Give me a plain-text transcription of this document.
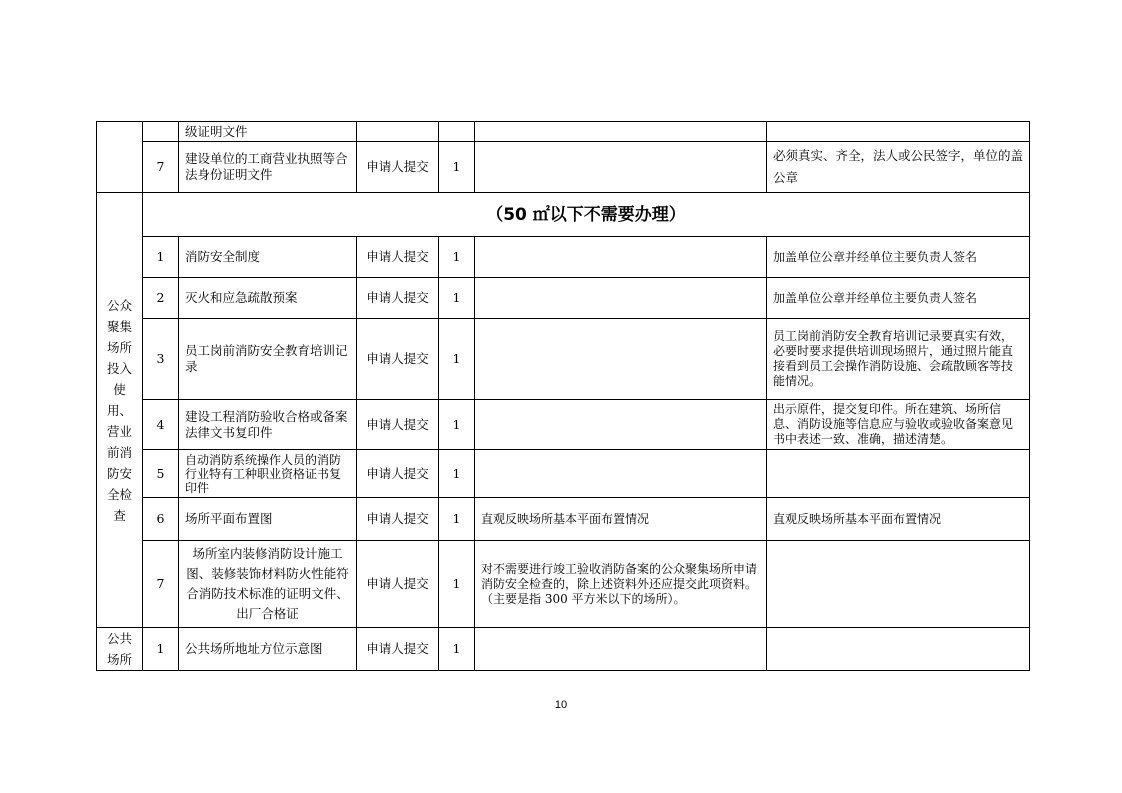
		级证明文件				
	7	建设单位的工商营业执照等合法身份证明文件	申请人提交	1		必须真实、齐全，法人或公民签字，单位的盖公章

公众聚集场所投入使用、营业前消防安全检查	（50 ㎡以下不需要办理）					
	1	消防安全制度	申请人提交	1		加盖单位公章并经单位主要负责人签名
	2	灭火和应急疏散预案	申请人提交	1		加盖单位公章并经单位主要负责人签名
	3	员工岗前消防安全教育培训记录	申请人提交	1		员工岗前消防安全教育培训记录要真实有效，必要时要求提供培训现场照片，通过照片能直接看到员工会操作消防设施、会疏散顾客等技能情况。
	4	建设工程消防验收合格或备案法律文书复印件	申请人提交	1		出示原件，提交复印件。所在建筑、场所信息、消防设施等信息应与验收或验收备案意见书中表述一致、准确，描述清楚。
	5	自动消防系统操作人员的消防行业特有工种职业资格证书复印件	申请人提交	1		
	6	场所平面布置图	申请人提交	1	直观反映场所基本平面布置情况	直观反映场所基本平面布置情况
	7	场所室内装修消防设计施工图、装修装饰材料防火性能符合消防技术标准的证明文件、出厂合格证	申请人提交	1	对不需要进行竣工验收消防备案的公众聚集场所申请消防安全检查的，除上述资料外还应提交此项资料。（主要是指 300 平方米以下的场所）。	

公共场所	1	公共场所地址方位示意图	申请人提交	1		
10
